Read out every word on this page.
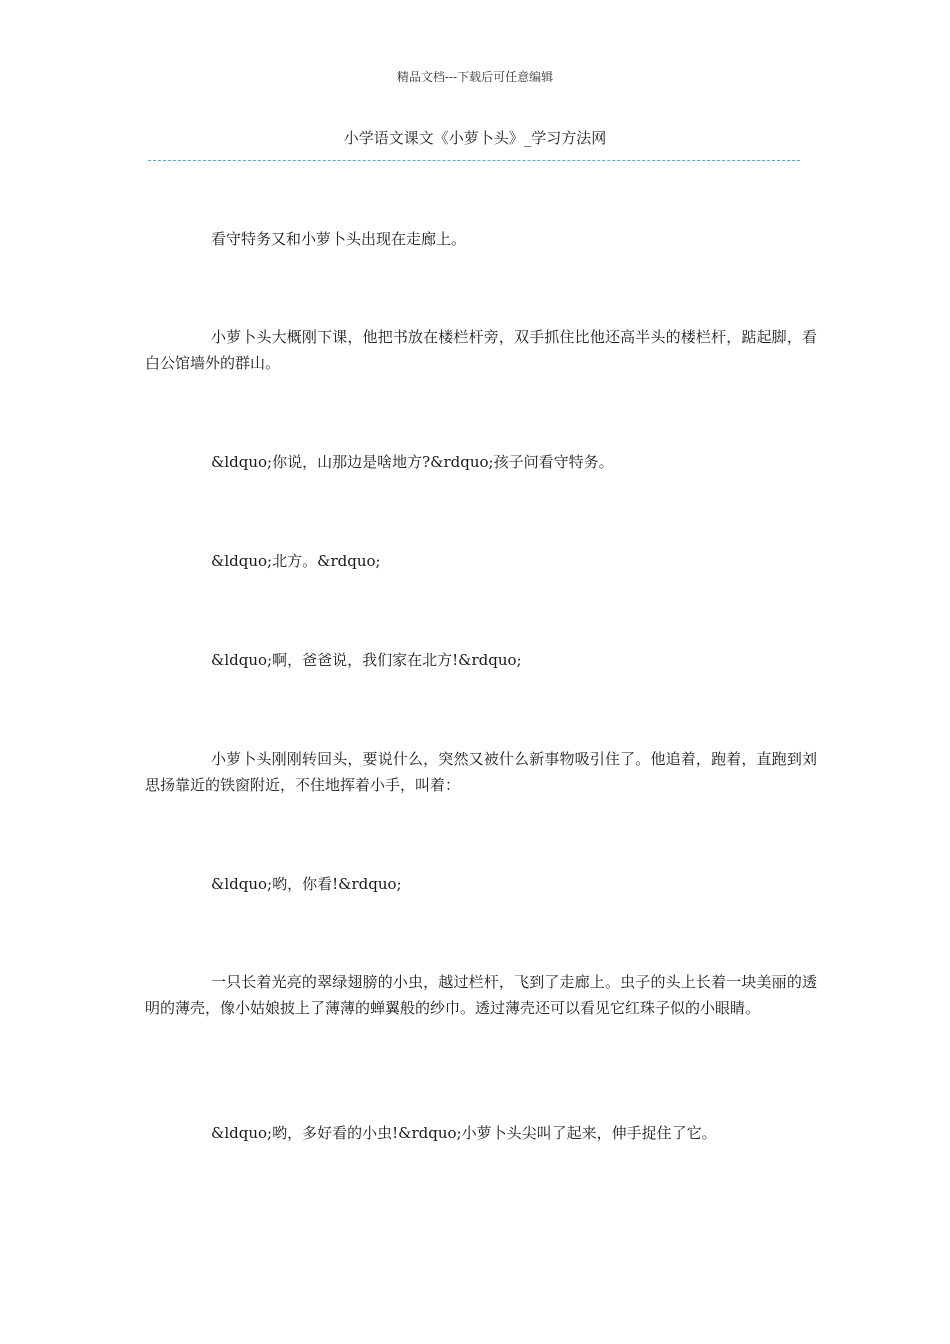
精品文档---下载后可任意编辑
小学语文课文《小萝卜头》_学习方法网

看守特务又和小萝卜头出现在走廊上。

小萝卜头大概刚下课，他把书放在楼栏杆旁，双手抓住比他还高半头的楼栏杆，踮起脚，看白公馆墙外的群山。

&ldquo;你说，山那边是啥地方?&rdquo;孩子问看守特务。

&ldquo;北方。&rdquo;

&ldquo;啊，爸爸说，我们家在北方!&rdquo;

小萝卜头刚刚转回头，要说什么，突然又被什么新事物吸引住了。他追着，跑着，直跑到刘思扬靠近的铁窗附近，不住地挥着小手，叫着：

&ldquo;哟，你看!&rdquo;

一只长着光亮的翠绿翅膀的小虫，越过栏杆，飞到了走廊上。虫子的头上长着一块美丽的透明的薄壳，像小姑娘披上了薄薄的蝉翼般的纱巾。透过薄壳还可以看见它红珠子似的小眼睛。

&ldquo;哟，多好看的小虫!&rdquo;小萝卜头尖叫了起来，伸手捉住了它。
